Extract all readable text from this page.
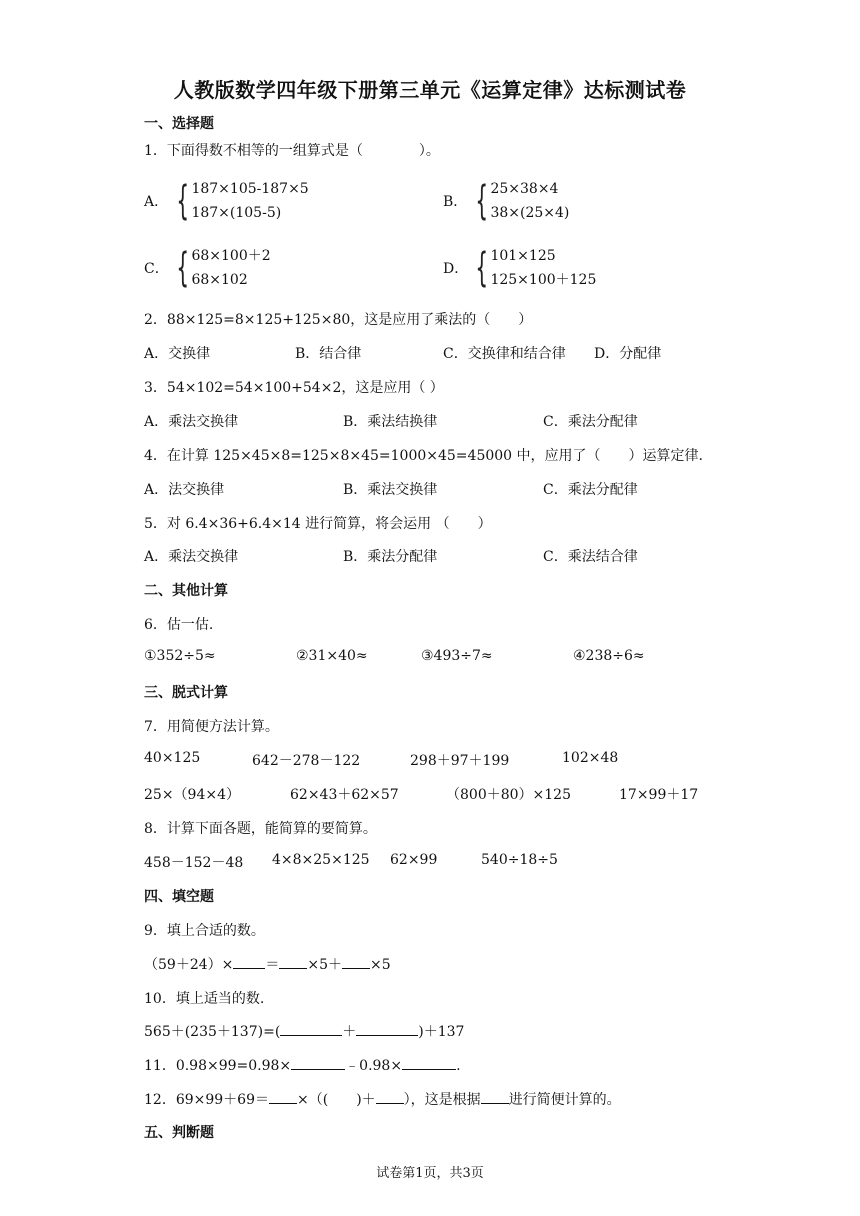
人教版数学四年级下册第三单元《运算定律》达标测试卷
一、选择题
1．下面得数不相等的一组算式是（　　　　）。
A． { 187×105-187×5
187×(105-5)
B． { 25×38×4
38×(25×4)
C． { 68×100＋2
68×102
D． { 101×125
125×100＋125
2．88×125=8×125+125×80，这是应用了乘法的（　　）
A．交换律	B．结合律	C．交换律和结合律 D．分配律
3．54×102=54×100+54×2，这是应用（ ）
A．乘法交换律	B．乘法结换律	C．乘法分配律
4．在计算 125×45×8=125×8×45=1000×45=45000 中，应用了（　　）运算定律.
A．法交换律	B．乘法交换律	C．乘法分配律
5．对 6.4×36+6.4×14 进行简算，将会运用 （　　）
A．乘法交换律	B．乘法分配律	C．乘法结合律
二、其他计算
6．估一估.
①352÷5≈	②31×40≈	③493÷7≈	④238÷6≈
三、脱式计算
7．用简便方法计算。
40×125	642－278－122	298＋97＋199	102×48
25×（94×4）	62×43＋62×57	（800＋80）×125	17×99＋17
8．计算下面各题，能简算的要简算。
458－152－48 4×8×25×125 62×99	540÷18÷5
四、填空题
9．填上合适的数。
（59＋24）× ＝ ×5＋ ×5
10．填上适当的数.
565＋(235＋137)=(	＋	)＋137
11．0.98×99=0.98×	﹣0.98×	.
12．69×99＋69＝ ×（(　　)＋ ），这是根据 进行简便计算的。
五、判断题
试卷第1页，共3页
